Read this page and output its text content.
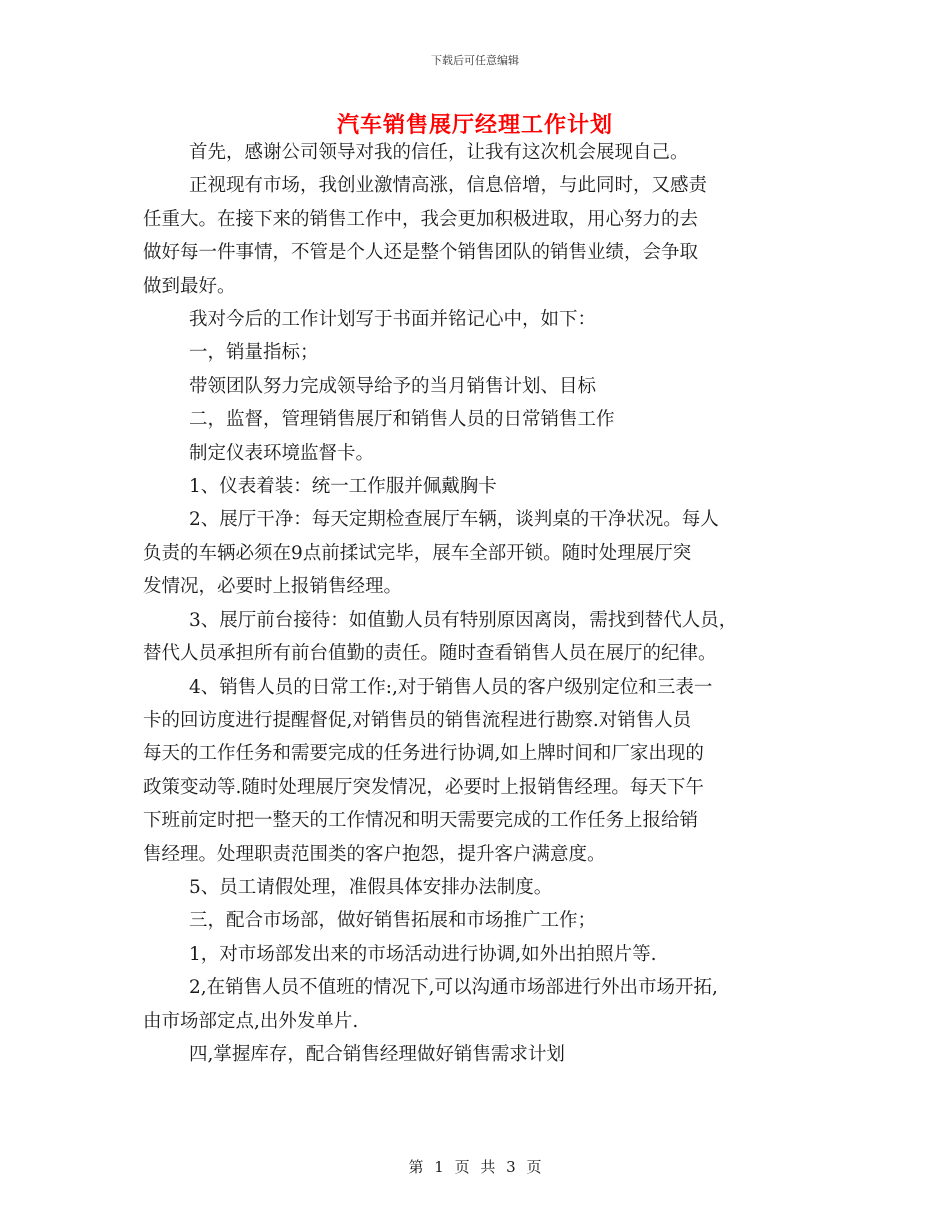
下载后可任意编辑
汽车销售展厅经理工作计划

首先，感谢公司领导对我的信任，让我有这次机会展现自己。

正视现有市场，我创业激情高涨，信息倍增，与此同时，又感责

任重大。在接下来的销售工作中，我会更加积极进取，用心努力的去

做好每一件事情，不管是个人还是整个销售团队的销售业绩，会争取

做到最好。

我对今后的工作计划写于书面并铭记心中，如下：

一，销量指标；

带领团队努力完成领导给予的当月销售计划、目标

二，监督，管理销售展厅和销售人员的日常销售工作

制定仪表环境监督卡。

1、仪表着装：统一工作服并佩戴胸卡

2、展厅干净：每天定期检查展厅车辆，谈判桌的干净状况。每人

负责的车辆必须在9点前揉试完毕，展车全部开锁。随时处理展厅突

发情况，必要时上报销售经理。

3、展厅前台接待：如值勤人员有特别原因离岗，需找到替代人员，

替代人员承担所有前台值勤的责任。随时查看销售人员在展厅的纪律。

4、销售人员的日常工作:,对于销售人员的客户级别定位和三表一

卡的回访度进行提醒督促,对销售员的销售流程进行勘察.对销售人员

每天的工作任务和需要完成的任务进行协调,如上牌时间和厂家出现的

政策变动等.随时处理展厅突发情况，必要时上报销售经理。每天下午

下班前定时把一整天的工作情况和明天需要完成的工作任务上报给销

售经理。处理职责范围类的客户抱怨，提升客户满意度。

5、员工请假处理，准假具体安排办法制度。

三，配合市场部，做好销售拓展和市场推广工作；

1，对市场部发出来的市场活动进行协调,如外出拍照片等.

2,在销售人员不值班的情况下,可以沟通市场部进行外出市场开拓,

由市场部定点,出外发单片.

四,掌握库存，配合销售经理做好销售需求计划

第 1 页 共 3 页
